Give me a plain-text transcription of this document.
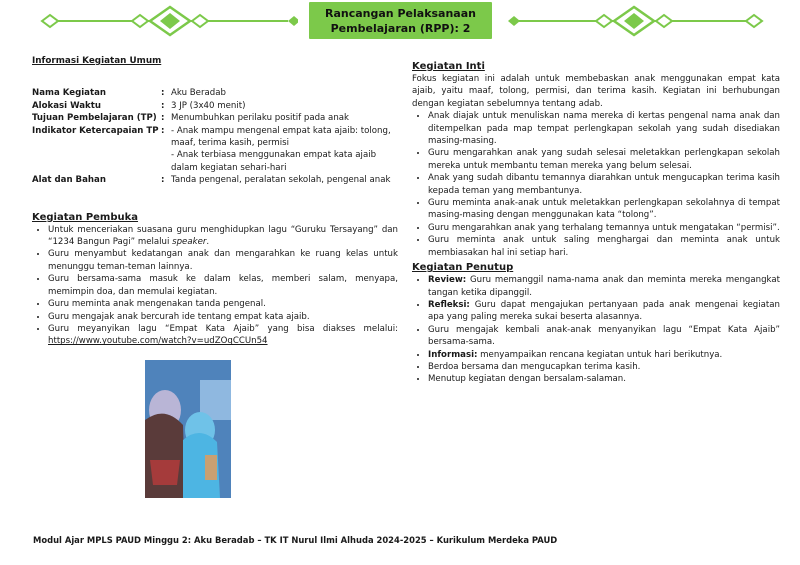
Rancangan Pelaksanaan
Pembelajaran (RPP): 2
Informasi Kegiatan Umum
Nama Kegiatan	: Aku Beradab
Alokasi Waktu	: 3 JP (3x40 menit)
Tujuan Pembelajaran (TP) : Menumbuhkan perilaku positif pada anak
Indikator Ketercapaian TP : - Anak mampu mengenal empat kata ajaib: tolong, maaf, terima kasih, permisi
- Anak terbiasa menggunakan empat kata ajaib dalam kegiatan sehari-hari
Alat dan Bahan	: Tanda pengenal, peralatan sekolah, pengenal anak
Kegiatan Pembuka
• Untuk menceriakan suasana guru menghidupkan lagu “Guruku Tersayang” dan “1234 Bangun Pagi” melalui speaker.
• Guru menyambut kedatangan anak dan mengarahkan ke ruang kelas untuk menunggu teman-teman lainnya.
• Guru bersama-sama masuk ke dalam kelas, memberi salam, menyapa, memimpin doa, dan memulai kegiatan.
• Guru meminta anak mengenakan tanda pengenal.
• Guru mengajak anak bercurah ide tentang empat kata ajaib.
• Guru meyanyikan lagu “Empat Kata Ajaib” yang bisa diakses melalui: https://www.youtube.com/watch?v=udZOqCCUn54
Kegiatan Inti
Fokus kegiatan ini adalah untuk membebaskan anak menggunakan empat kata ajaib, yaitu maaf, tolong, permisi, dan terima kasih. Kegiatan ini berhubungan dengan kegiatan sebelumnya tentang adab.
• Anak diajak untuk menuliskan nama mereka di kertas pengenal nama anak dan ditempelkan pada map tempat perlengkapan sekolah yang sudah disediakan masing-masing.
• Guru mengarahkan anak yang sudah selesai meletakkan perlengkapan sekolah mereka untuk membantu teman mereka yang belum selesai.
• Anak yang sudah dibantu temannya diarahkan untuk mengucapkan terima kasih kepada teman yang membantunya.
• Guru meminta anak-anak untuk meletakkan perlengkapan sekolahnya di tempat masing-masing dengan menggunakan kata “tolong”.
• Guru mengarahkan anak yang terhalang temannya untuk mengatakan “permisi”.
• Guru meminta anak untuk saling menghargai dan meminta anak untuk membiasakan hal ini setiap hari.
Kegiatan Penutup
• Review: Guru memanggil nama-nama anak dan meminta mereka mengangkat tangan ketika dipanggil.
• Refleksi: Guru dapat mengajukan pertanyaan pada anak mengenai kegiatan apa yang paling mereka sukai beserta alasannya.
• Guru mengajak kembali anak-anak menyanyikan lagu “Empat Kata Ajaib” bersama-sama.
• Informasi: menyampaikan rencana kegiatan untuk hari berikutnya.
• Berdoa bersama dan mengucapkan terima kasih.
• Menutup kegiatan dengan bersalam-salaman.
Modul Ajar MPLS PAUD Minggu 2: Aku Beradab – TK IT Nurul Ilmi Alhuda 2024-2025 – Kurikulum Merdeka PAUD
